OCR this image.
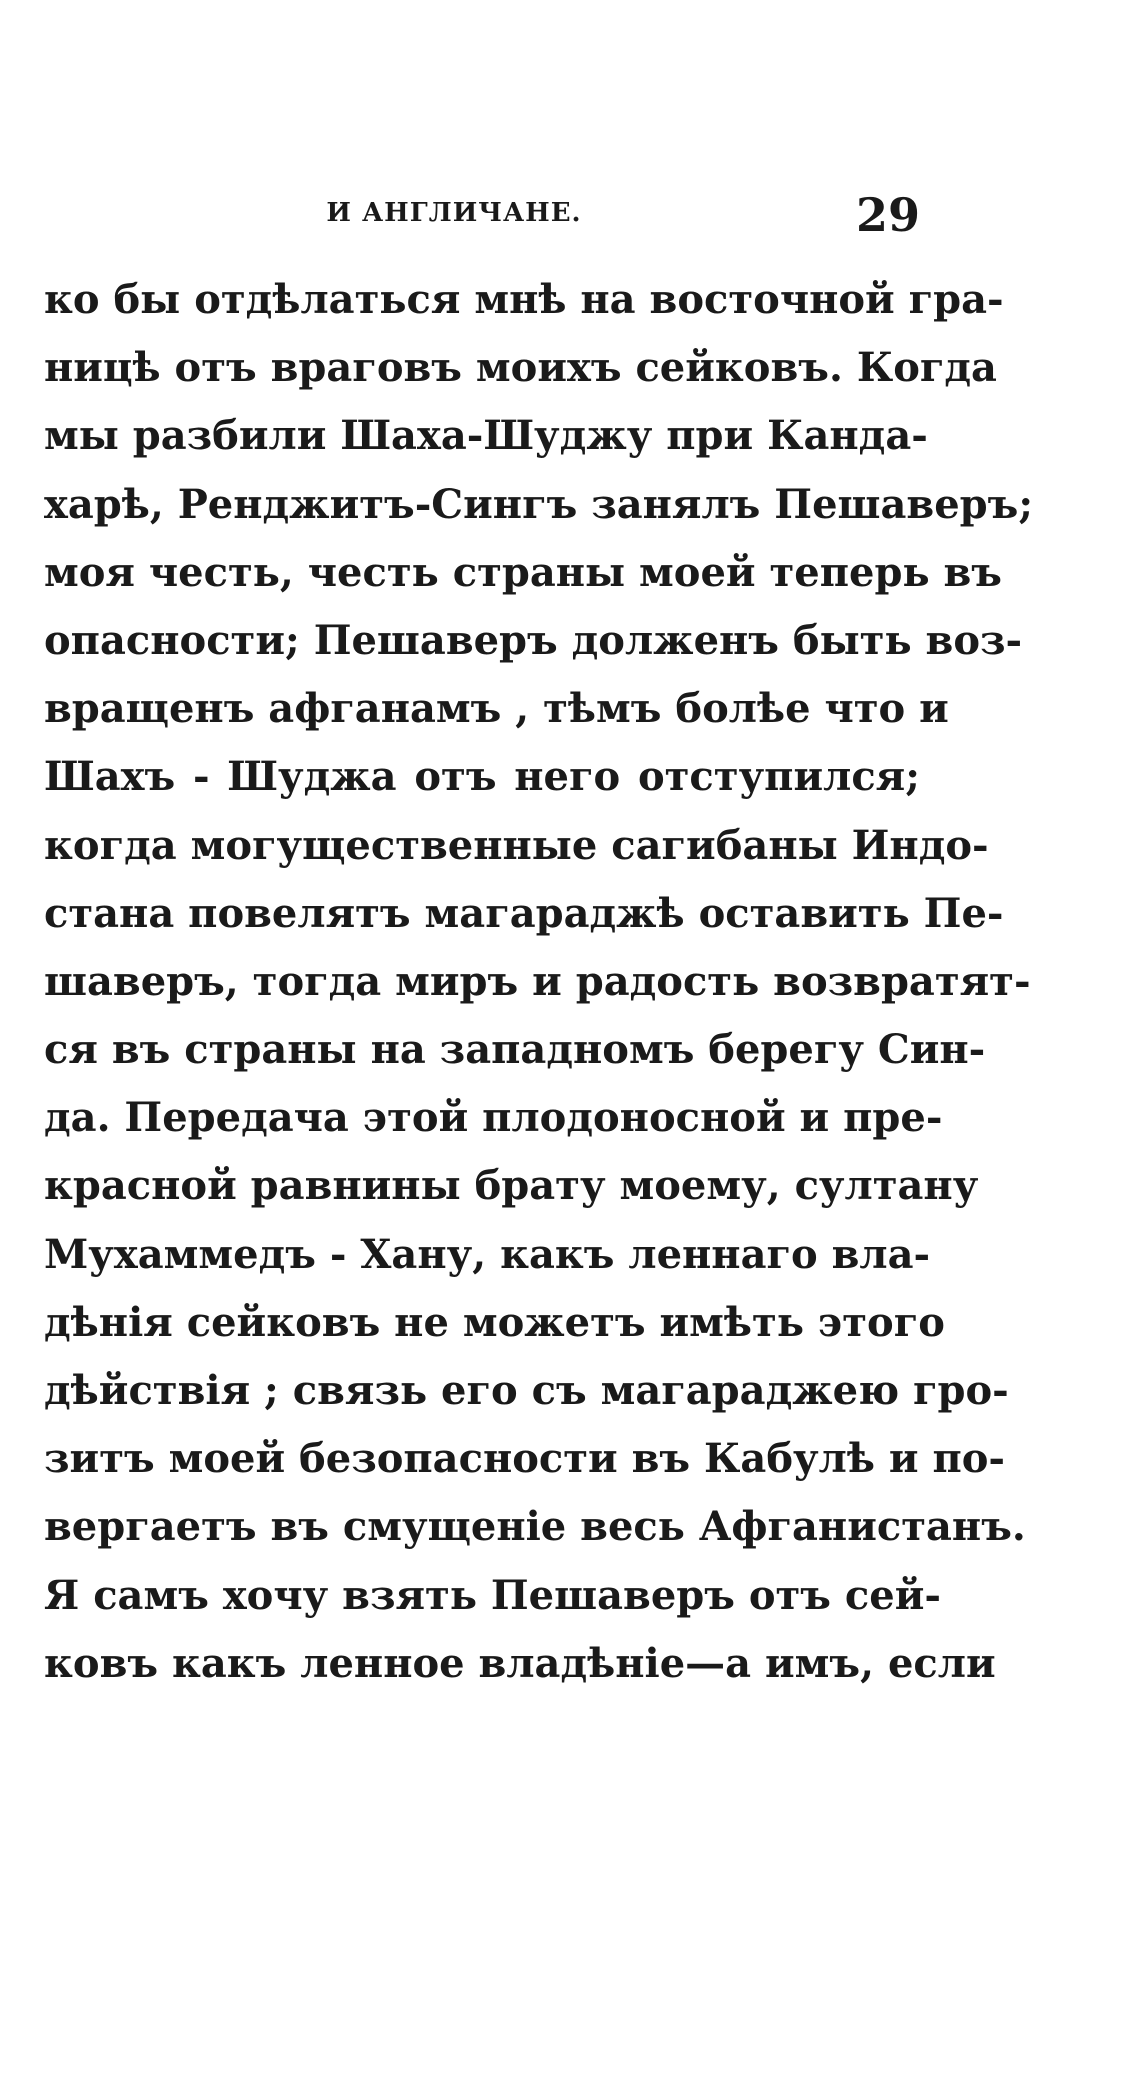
И АНГЛИЧАНЕ.	29
ко бы отдѣлаться мнѣ на восточной гра-
ницѣ отъ враговъ моихъ сейковъ. Когда
мы разбили Шаха-Шуджу при Канда-
харѣ, Ренджитъ-Сингъ занялъ Пешаверъ;
моя честь, честь страны моей теперь въ
опасности; Пешаверъ долженъ быть воз-
вращенъ афганамъ , тѣмъ болѣе что и
Шахъ - Шуджа отъ него отступился;
когда могущественные сагибаны Индо-
стана повелятъ магараджѣ оставить Пе-
шаверъ, тогда миръ и радость возвратят-
ся въ страны на западномъ берегу Син-
да. Передача этой плодоносной и пре-
красной равнины брату моему, султану
Мухаммедъ - Хану, какъ леннаго вла-
дѣнія сейковъ не можетъ имѣть этого
дѣйствія ; связь его съ магараджею гро-
зитъ моей безопасности въ Кабулѣ и по-
вергаетъ въ смущеніе весь Афганистанъ.
Я самъ хочу взять Пешаверъ отъ сей-
ковъ какъ ленное владѣніе—а имъ, если
